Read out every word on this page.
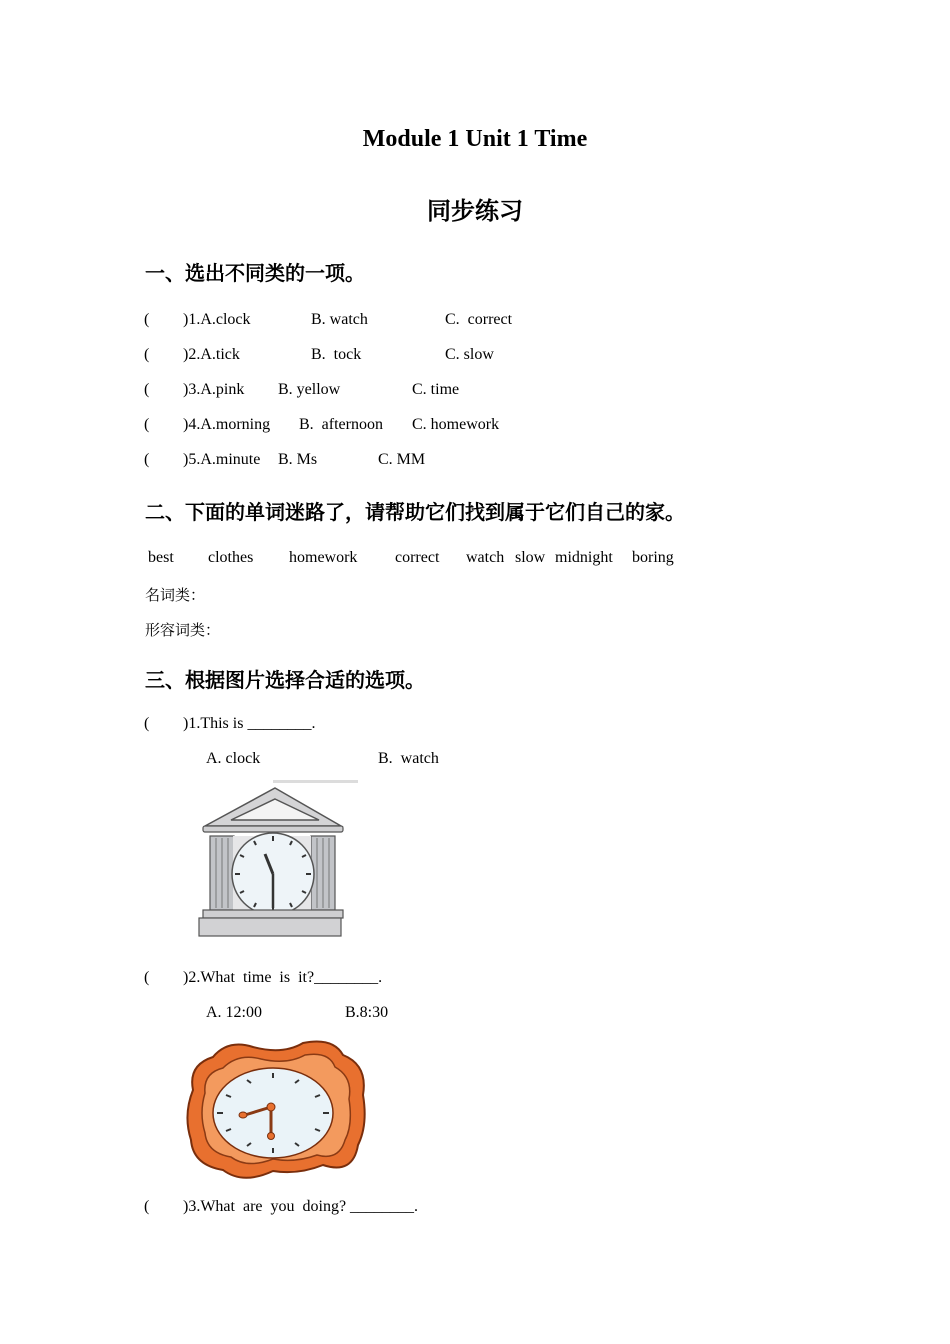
Module 1 Unit 1 Time
同步练习
一、选出不同类的一项。
( )1.A.clock	B. watch	C.  correct
( )2.A.tick	B.  tock	C. slow
( )3.A.pink B. yellow	C. time
( )4.A.morning B.  afternoon C. homework
( )5.A.minute B. Ms	C. MM
二、下面的单词迷路了，请帮助它们找到属于它们自己的家。
best clothes homework correct watch slow midnight boring
名词类：
形容词类：
三、根据图片选择合适的选项。
( )1.This is ________.
A. clock	B.  watch
( )2.What  time  is  it?________.
A. 12:00	B.8:30
( )3.What  are  you  doing? ________.
